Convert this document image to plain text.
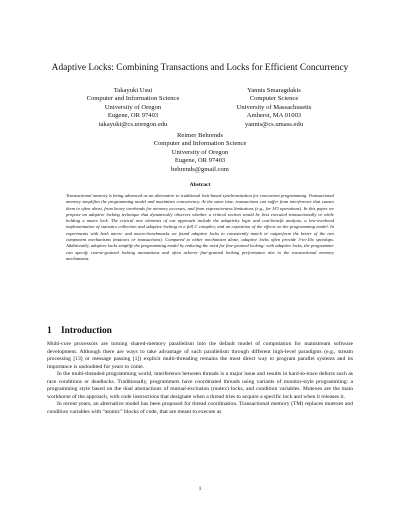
Adaptive Locks: Combining Transactions and Locks for Efficient Concurrency
Takayuki Usui
Computer and Information Science
University of Oregon
Eugene, OR 97403
takayuki@cs.uoregon.edu
Yannis Smaragdakis
Computer Science
University of Massachusetts
Amherst, MA 01003
yannis@cs.umass.edu
Reimer Behrends
Computer and Information Science
University of Oregon
Eugene, OR 97403
behrends@gmail.com
Abstract

Transactional memory is being advanced as an alternative to traditional lock-based synchronization for concurrent programming. Transactional memory simplifies the programming model and maximizes concurrency. At the same time, transactions can suffer from interference that causes them to often abort, from heavy overheads for memory accesses, and from expressiveness limitations (e.g., for I/O operations). In this paper we propose an adaptive locking technique that dynamically observes whether a critical section would be best executed transactionally or while holding a mutex lock. The critical new elements of our approach include the adaptivity logic and cost-benefit analysis, a low-overhead implementation of statistics collection and adaptive locking in a full C compiler, and an exposition of the effects on the programming model. In experiments with both micro- and macro-benchmarks we found adaptive locks to consistently match or outperform the better of the two component mechanisms (mutexes or transactions). Compared to either mechanism alone, adaptive locks often provide 3-to-10x speedups. Additionally, adaptive locks simplify the programming model by reducing the need for fine-grained locking: with adaptive locks, the programmer can specify coarse-grained locking annotations and often achieve fine-grained locking performance due to the transactional memory mechanisms.

1 Introduction

Multi-core processors are turning shared-memory parallelism into the default model of computation for mainstream software development. Although there are ways to take advantage of such parallelism through different high-level paradigms (e.g., stream processing [13] or message passing [1]) explicit multi-threading remains the most direct way to program parallel systems and its importance is undoubted for years to come.

In the multi-threaded programming world, interference between threads is a major issue and results in hard-to-trace defects such as race conditions or deadlocks. Traditionally, programmers have coordinated threads using variants of monitor-style programming: a programming style based on the dual abstractions of mutual-exclusion (mutex) locks, and condition variables. Mutexes are the main workhorse of the approach, with code instructions that designate when a thread tries to acquire a specific lock and when it releases it.

In recent years, an alternative model has been proposed for thread coordination. Transactional memory (TM) replaces mutexes and condition variables with “atomic” blocks of code, that are meant to execute as

1
